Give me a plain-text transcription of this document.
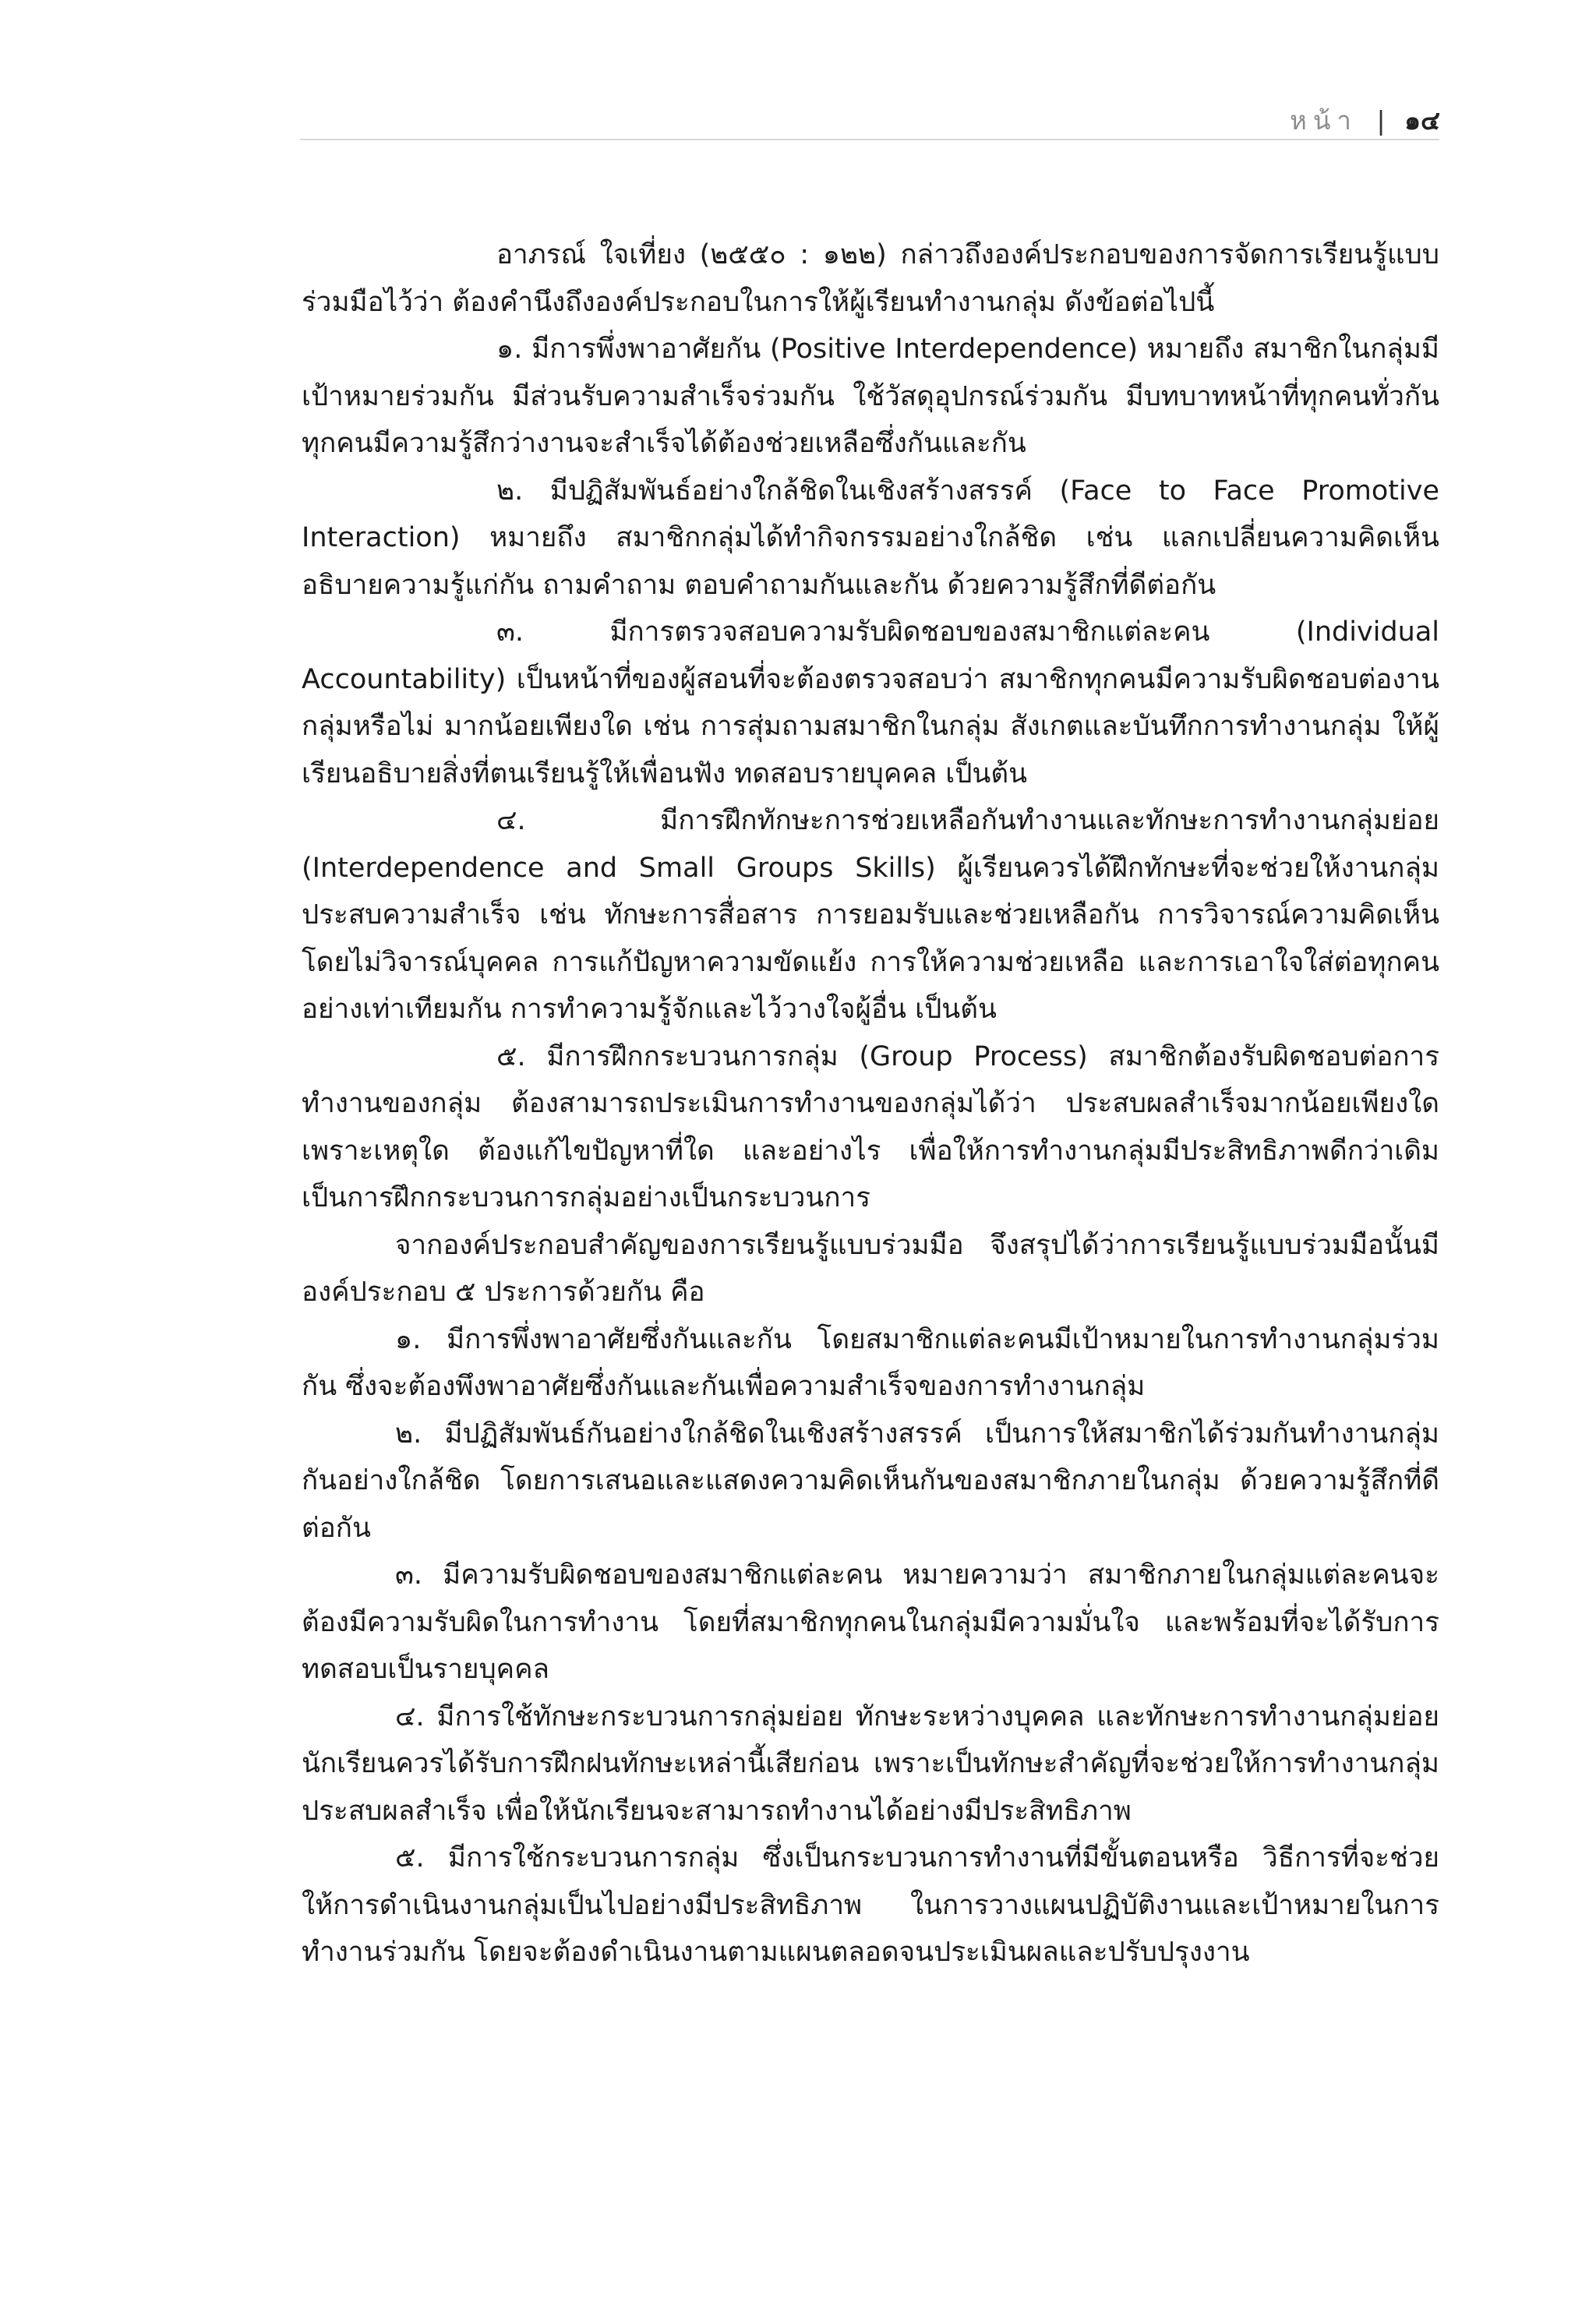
หน้า | ๑๔

อาภรณ์ ใจเที่ยง (๒๕๕๐ : ๑๒๒) กล่าวถึงองค์ประกอบของการจัดการเรียนรู้แบบร่วมมือไว้ว่า ต้องคำนึงถึงองค์ประกอบในการให้ผู้เรียนทำงานกลุ่ม ดังข้อต่อไปนี้

๑. มีการพึ่งพาอาศัยกัน (Positive Interdependence) หมายถึง สมาชิกในกลุ่มมีเป้าหมายร่วมกัน มีส่วนรับความสำเร็จร่วมกัน ใช้วัสดุอุปกรณ์ร่วมกัน มีบทบาทหน้าที่ทุกคนทั่วกัน ทุกคนมีความรู้สึกว่างานจะสำเร็จได้ต้องช่วยเหลือซึ่งกันและกัน

๒. มีปฏิสัมพันธ์อย่างใกล้ชิดในเชิงสร้างสรรค์ (Face to Face Promotive Interaction) หมายถึง สมาชิกกลุ่มได้ทำกิจกรรมอย่างใกล้ชิด เช่น แลกเปลี่ยนความคิดเห็น อธิบายความรู้แก่กัน ถามคำถาม ตอบคำถามกันและกัน ด้วยความรู้สึกที่ดีต่อกัน

๓. มีการตรวจสอบความรับผิดชอบของสมาชิกแต่ละคน (Individual Accountability) เป็นหน้าที่ของผู้สอนที่จะต้องตรวจสอบว่า สมาชิกทุกคนมีความรับผิดชอบต่องานกลุ่มหรือไม่ มากน้อยเพียงใด เช่น การสุ่มถามสมาชิกในกลุ่ม สังเกตและบันทึกการทำงานกลุ่ม ให้ผู้เรียนอธิบายสิ่งที่ตนเรียนรู้ให้เพื่อนฟัง ทดสอบรายบุคคล เป็นต้น

๔. มีการฝึกทักษะการช่วยเหลือกันทำงานและทักษะการทำงานกลุ่มย่อย (Interdependence and Small Groups Skills) ผู้เรียนควรได้ฝึกทักษะที่จะช่วยให้งานกลุ่มประสบความสำเร็จ เช่น ทักษะการสื่อสาร การยอมรับและช่วยเหลือกัน การวิจารณ์ความคิดเห็นโดยไม่วิจารณ์บุคคล การแก้ปัญหาความขัดแย้ง การให้ความช่วยเหลือ และการเอาใจใส่ต่อทุกคนอย่างเท่าเทียมกัน การทำความรู้จักและไว้วางใจผู้อื่น เป็นต้น

๕. มีการฝึกกระบวนการกลุ่ม (Group Process) สมาชิกต้องรับผิดชอบต่อการทำงานของกลุ่ม ต้องสามารถประเมินการทำงานของกลุ่มได้ว่า ประสบผลสำเร็จมากน้อยเพียงใด เพราะเหตุใด ต้องแก้ไขปัญหาที่ใด และอย่างไร เพื่อให้การทำงานกลุ่มมีประสิทธิภาพดีกว่าเดิม เป็นการฝึกกระบวนการกลุ่มอย่างเป็นกระบวนการ

จากองค์ประกอบสำคัญของการเรียนรู้แบบร่วมมือ จึงสรุปได้ว่าการเรียนรู้แบบร่วมมือนั้นมีองค์ประกอบ ๕ ประการด้วยกัน คือ

๑. มีการพึ่งพาอาศัยซึ่งกันและกัน โดยสมาชิกแต่ละคนมีเป้าหมายในการทำงานกลุ่มร่วมกัน ซึ่งจะต้องพึงพาอาศัยซึ่งกันและกันเพื่อความสำเร็จของการทำงานกลุ่ม

๒. มีปฏิสัมพันธ์กันอย่างใกล้ชิดในเชิงสร้างสรรค์ เป็นการให้สมาชิกได้ร่วมกันทำงานกลุ่มกันอย่างใกล้ชิด โดยการเสนอและแสดงความคิดเห็นกันของสมาชิกภายในกลุ่ม ด้วยความรู้สึกที่ดีต่อกัน

๓. มีความรับผิดชอบของสมาชิกแต่ละคน หมายความว่า สมาชิกภายในกลุ่มแต่ละคนจะต้องมีความรับผิดในการทำงาน โดยที่สมาชิกทุกคนในกลุ่มมีความมั่นใจ และพร้อมที่จะได้รับการทดสอบเป็นรายบุคคล

๔. มีการใช้ทักษะกระบวนการกลุ่มย่อย ทักษะระหว่างบุคคล และทักษะการทำงานกลุ่มย่อย นักเรียนควรได้รับการฝึกฝนทักษะเหล่านี้เสียก่อน เพราะเป็นทักษะสำคัญที่จะช่วยให้การทำงานกลุ่มประสบผลสำเร็จ เพื่อให้นักเรียนจะสามารถทำงานได้อย่างมีประสิทธิภาพ

๕. มีการใช้กระบวนการกลุ่ม ซึ่งเป็นกระบวนการทำงานที่มีขั้นตอนหรือ วิธีการที่จะช่วยให้การดำเนินงานกลุ่มเป็นไปอย่างมีประสิทธิภาพ ในการวางแผนปฏิบัติงานและเป้าหมายในการทำงานร่วมกัน โดยจะต้องดำเนินงานตามแผนตลอดจนประเมินผลและปรับปรุงงาน
